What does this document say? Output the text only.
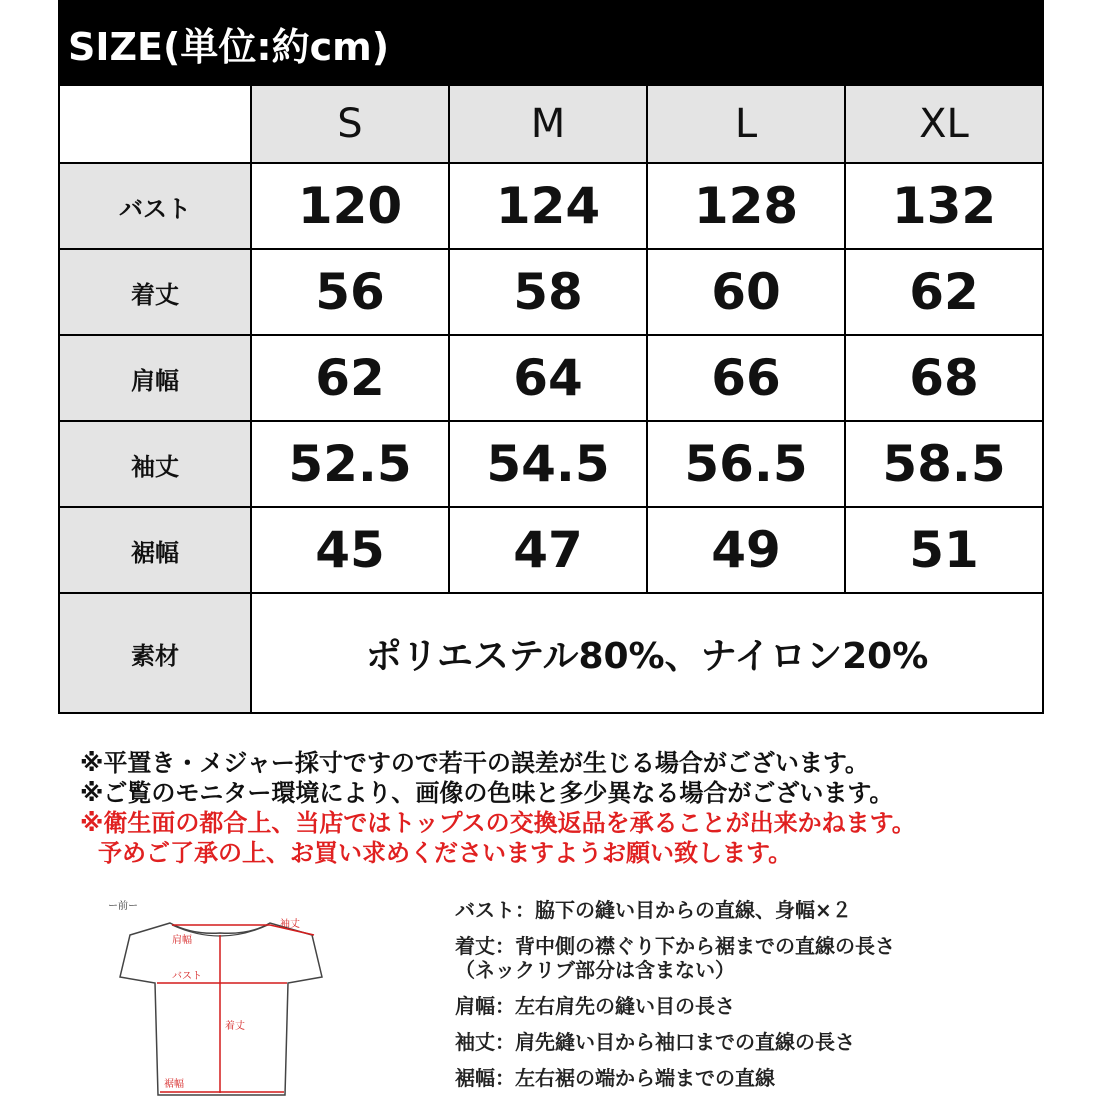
SIZE(単位:約cm)
	S	M	L	XL
バスト	120	124	128	132
着丈	56	58	60	62
肩幅	62	64	66	68
袖丈	52.5	54.5	56.5	58.5
裾幅	45	47	49	51
素材	ポリエステル80%、ナイロン20%			
※平置き・メジャー採寸ですので若干の誤差が生じる場合がございます。
※ご覧のモニター環境により、画像の色味と多少異なる場合がございます。
※衛生面の都合上、当店ではトップスの交換返品を承ることが出来かねます。
予めご了承の上、お買い求めくださいますようお願い致します。
ー前ー
肩幅
袖丈
バスト
着丈
裾幅
バスト：脇下の縫い目からの直線、身幅×２
着丈：背中側の襟ぐり下から裾までの直線の長さ
（ネックリブ部分は含まない）
肩幅：左右肩先の縫い目の長さ
袖丈：肩先縫い目から袖口までの直線の長さ
裾幅：左右裾の端から端までの直線
